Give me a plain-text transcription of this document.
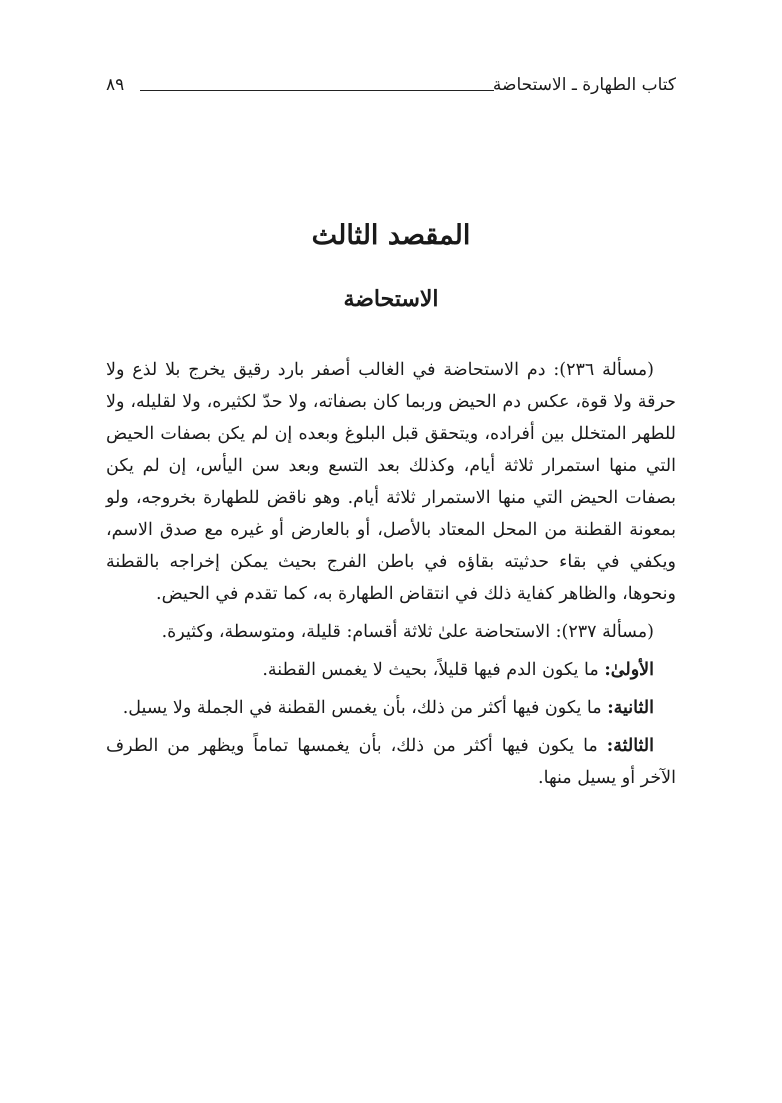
كتاب الطهارة ـ الاستحاضة
٨٩
المقصد الثالث
الاستحاضة

(مسألة ٢٣٦): دم الاستحاضة في الغالب أصفر بارد رقيق يخرج بلا لذع ولا حرقة ولا قوة، عكس دم الحيض وربما كان بصفاته، ولا حدّ لكثيره، ولا لقليله، ولا للطهر المتخلل بين أفراده، ويتحقق قبل البلوغ وبعده إن لم يكن بصفات الحيض التي منها استمرار ثلاثة أيام، وكذلك بعد التسع وبعد سن اليأس، إن لم يكن بصفات الحيض التي منها الاستمرار ثلاثة أيام. وهو ناقض للطهارة بخروجه، ولو بمعونة القطنة من المحل المعتاد بالأصل، أو بالعارض أو غيره مع صدق الاسم، ويكفي في بقاء حدثيته بقاؤه في باطن الفرج بحيث يمكن إخراجه بالقطنة ونحوها، والظاهر كفاية ذلك في انتقاض الطهارة به، كما تقدم في الحيض.

(مسألة ٢٣٧): الاستحاضة علىٰ ثلاثة أقسام: قليلة، ومتوسطة، وكثيرة.

الأولىٰ: ما يكون الدم فيها قليلاً، بحيث لا يغمس القطنة.

الثانية: ما يكون فيها أكثر من ذلك، بأن يغمس القطنة في الجملة ولا يسيل.

الثالثة: ما يكون فيها أكثر من ذلك، بأن يغمسها تماماً ويظهر من الطرف الآخر أو يسيل منها.
